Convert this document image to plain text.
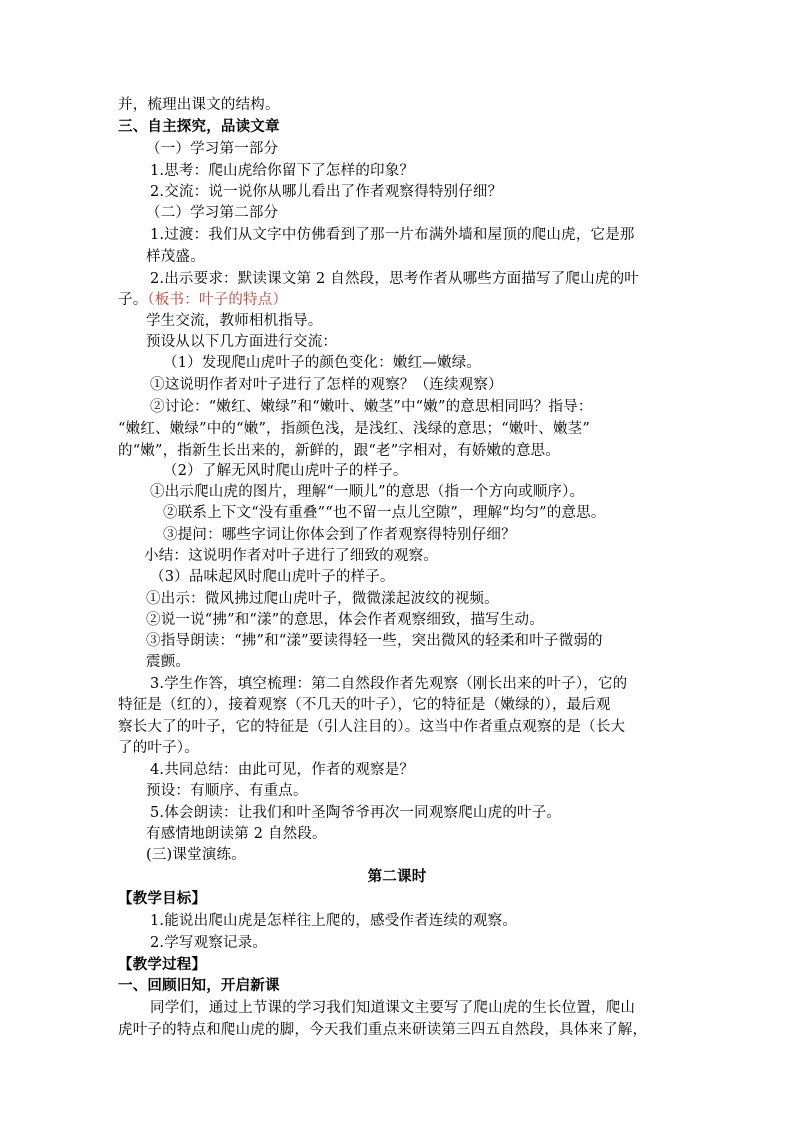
并，梳理出课文的结构。
三、自主探究，品读文章
（一）学习第一部分
1.思考：爬山虎给你留下了怎样的印象？
2.交流：说一说你从哪儿看出了作者观察得特别仔细？
（二）学习第二部分
1.过渡：我们从文字中仿佛看到了那一片布满外墙和屋顶的爬山虎，它是那
样茂盛。
2.出示要求：默读课文第 2 自然段，思考作者从哪些方面描写了爬山虎的叶
子。（板书：叶子的特点）
学生交流，教师相机指导。
预设从以下几方面进行交流：
（1）发现爬山虎叶子的颜色变化：嫩红—嫩绿。
①这说明作者对叶子进行了怎样的观察？（连续观察）
②讨论：“嫩红、嫩绿”和“嫩叶、嫩茎”中“嫩”的意思相同吗？指导：
“嫩红、嫩绿”中的“嫩”，指颜色浅，是浅红、浅绿的意思；“嫩叶、嫩茎”
的“嫩”，指新生长出来的，新鲜的，跟“老”字相对，有娇嫩的意思。
（2）了解无风时爬山虎叶子的样子。
①出示爬山虎的图片，理解“一顺儿”的意思（指一个方向或顺序）。
②联系上下文“没有重叠”“也不留一点儿空隙”，理解“均匀”的意思。
③提问：哪些字词让你体会到了作者观察得特别仔细？
小结：这说明作者对叶子进行了细致的观察。
（3）品味起风时爬山虎叶子的样子。
①出示：微风拂过爬山虎叶子，微微漾起波纹的视频。
②说一说“拂”和“漾”的意思，体会作者观察细致，描写生动。
③指导朗读：“拂”和“漾”要读得轻一些，突出微风的轻柔和叶子微弱的
震颤。
3.学生作答，填空梳理：第二自然段作者先观察（刚长出来的叶子），它的
特征是（红的），接着观察（不几天的叶子），它的特征是（嫩绿的），最后观
察长大了的叶子，它的特征是（引人注目的）。这当中作者重点观察的是（长大
了的叶子）。
4.共同总结：由此可见，作者的观察是？
预设：有顺序、有重点。
5.体会朗读：让我们和叶圣陶爷爷再次一同观察爬山虎的叶子。
有感情地朗读第 2 自然段。
(三)课堂演练。
第二课时
【教学目标】
1.能说出爬山虎是怎样往上爬的，感受作者连续的观察。
2.学写观察记录。
【教学过程】
一、回顾旧知，开启新课
同学们，通过上节课的学习我们知道课文主要写了爬山虎的生长位置，爬山
虎叶子的特点和爬山虎的脚，今天我们重点来研读第三四五自然段，具体来了解，
